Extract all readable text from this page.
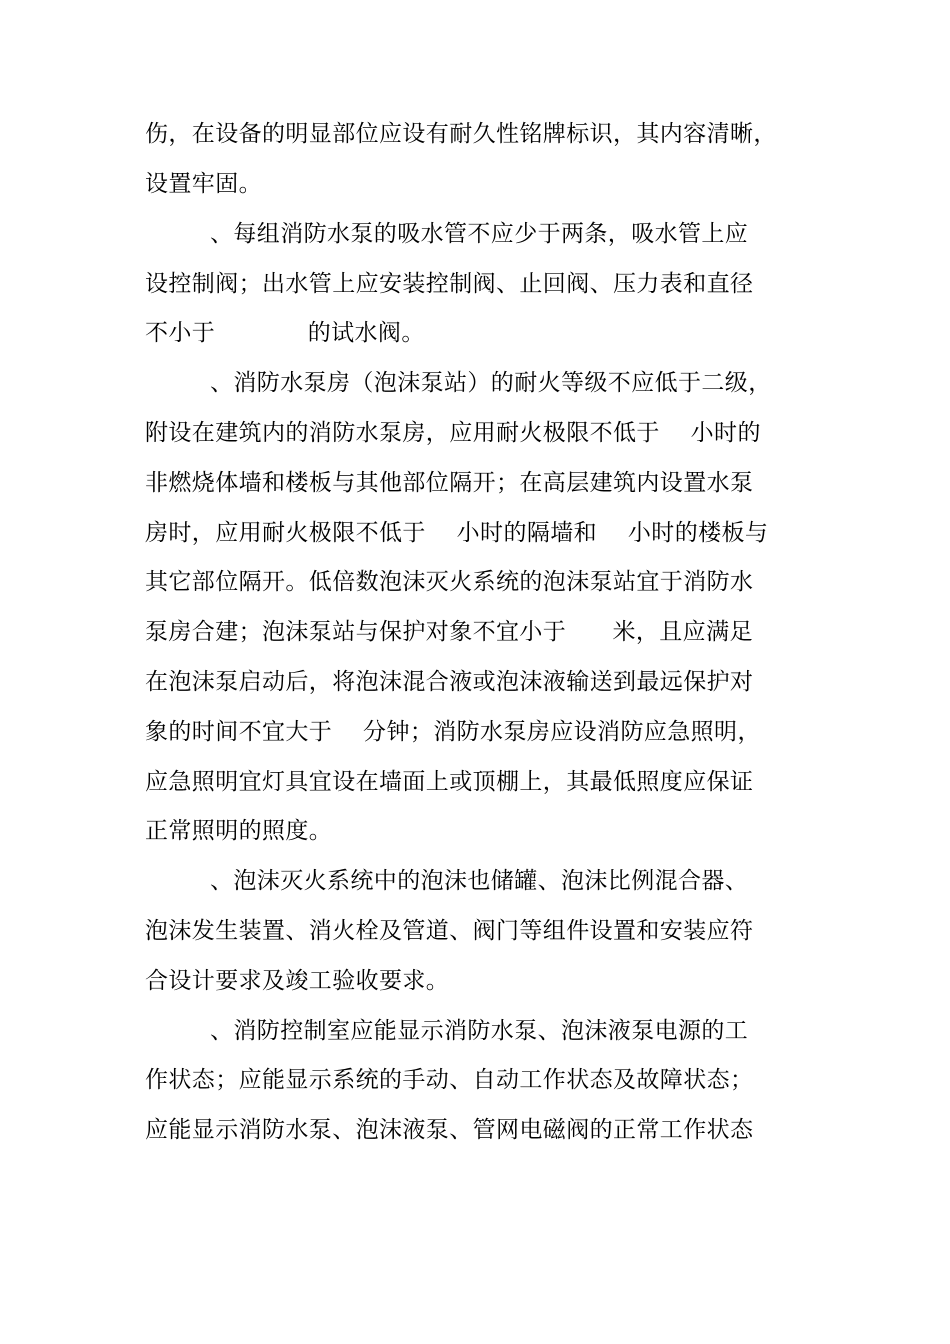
伤，在设备的明显部位应设有耐久性铭牌标识，其内容清晰，
设置牢固。
、每组消防水泵的吸水管不应少于两条，吸水管上应
设控制阀；出水管上应安装控制阀、止回阀、压力表和直径
不小于            的试水阀。
、消防水泵房（泡沫泵站）的耐火等级不应低于二级，
附设在建筑内的消防水泵房，应用耐火极限不低于    小时的
非燃烧体墙和楼板与其他部位隔开；在高层建筑内设置水泵
房时，应用耐火极限不低于    小时的隔墙和    小时的楼板与
其它部位隔开。低倍数泡沫灭火系统的泡沫泵站宜于消防水
泵房合建；泡沫泵站与保护对象不宜小于      米，且应满足
在泡沫泵启动后，将泡沫混合液或泡沫液输送到最远保护对
象的时间不宜大于    分钟；消防水泵房应设消防应急照明，
应急照明宜灯具宜设在墙面上或顶棚上，其最低照度应保证
正常照明的照度。
、泡沫灭火系统中的泡沫也储罐、泡沫比例混合器、
泡沫发生装置、消火栓及管道、阀门等组件设置和安装应符
合设计要求及竣工验收要求。
、消防控制室应能显示消防水泵、泡沫液泵电源的工
作状态；应能显示系统的手动、自动工作状态及故障状态；
应能显示消防水泵、泡沫液泵、管网电磁阀的正常工作状态
